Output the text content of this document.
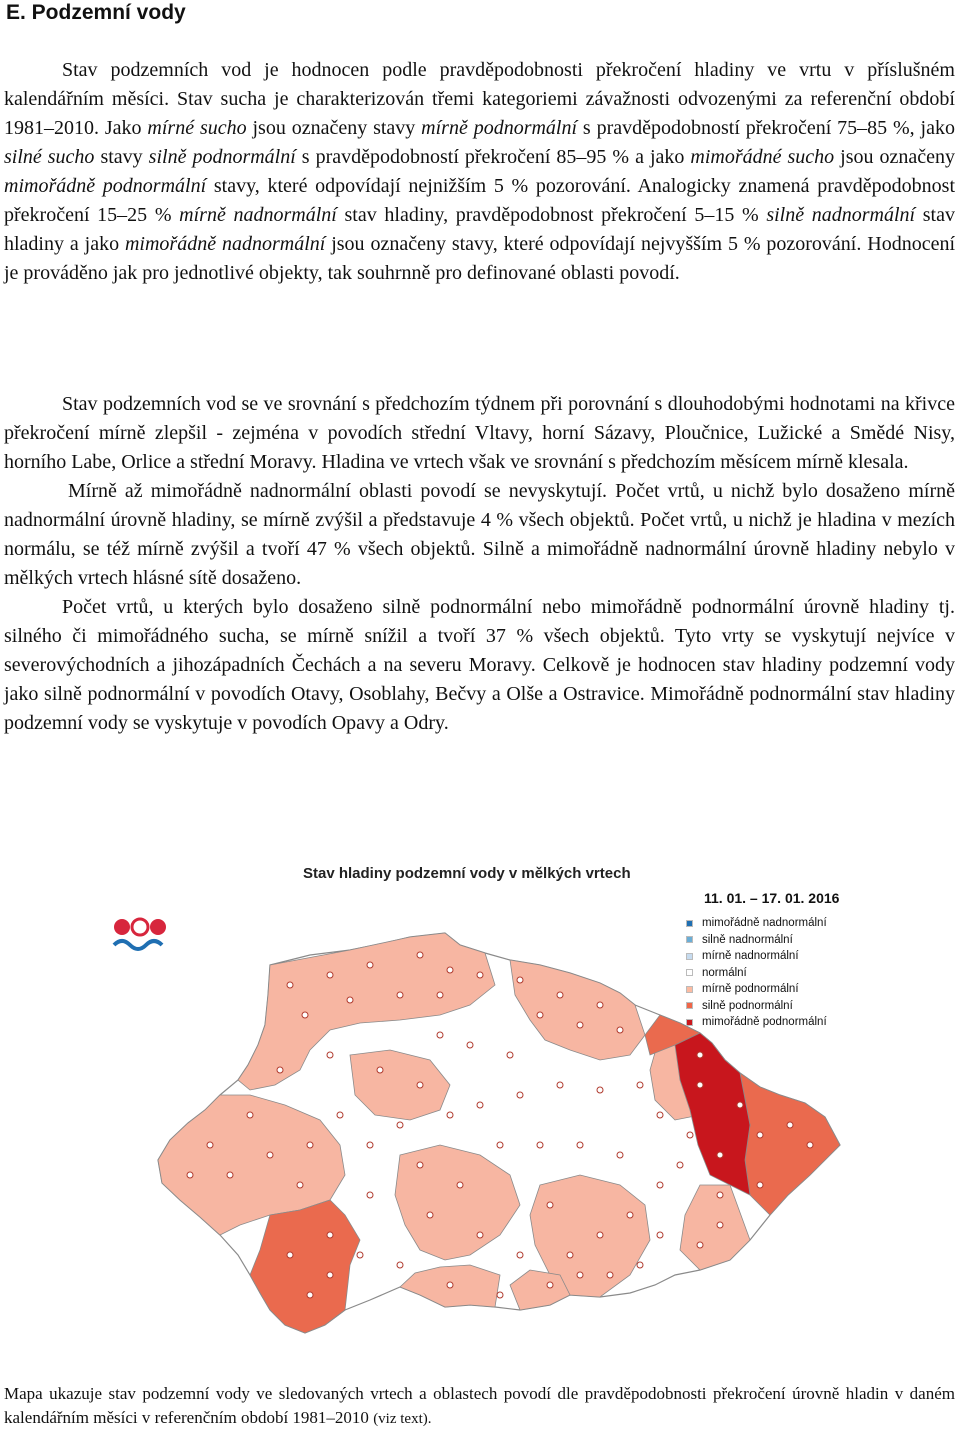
E. Podzemní vody

Stav podzemních vod je hodnocen podle pravděpodobnosti překročení hladiny ve vrtu v příslušném kalendářním měsíci. Stav sucha je charakterizován třemi kategoriemi závažnosti odvozenými za referenční období 1981–2010. Jako mírné sucho jsou označeny stavy mírně podnormální s pravděpodobností překročení 75–85 %, jako silné sucho stavy silně podnormální s pravděpodobností překročení 85–95 % a jako mimořádné sucho jsou označeny mimořádně podnormální stavy, které odpovídají nejnižším 5 % pozorování. Analogicky znamená pravděpodobnost překročení 15–25 % mírně nadnormální stav hladiny, pravděpodobnost překročení 5–15 % silně nadnormální stav hladiny a jako mimořádně nadnormální jsou označeny stavy, které odpovídají nejvyšším 5 % pozorování. Hodnocení je prováděno jak pro jednotlivé objekty, tak souhrnně pro definované oblasti povodí.

Stav podzemních vod se ve srovnání s předchozím týdnem při porovnání s dlouhodobými hodnotami na křivce překročení mírně zlepšil - zejména v povodích střední Vltavy, horní Sázavy, Ploučnice, Lužické a Smědé Nisy, horního Labe, Orlice a střední Moravy. Hladina ve vrtech však ve srovnání s předchozím měsícem mírně klesala.

Mírně až mimořádně nadnormální oblasti povodí se nevyskytují. Počet vrtů, u nichž bylo dosaženo mírně nadnormální úrovně hladiny, se mírně zvýšil a představuje 4 % všech objektů. Počet vrtů, u nichž je hladina v mezích normálu, se též mírně zvýšil a tvoří 47 % všech objektů. Silně a mimořádně nadnormální úrovně hladiny nebylo v mělkých vrtech hlásné sítě dosaženo.

Počet vrtů, u kterých bylo dosaženo silně podnormální nebo mimořádně podnormální úrovně hladiny tj. silného či mimořádného sucha, se mírně snížil a tvoří 37 % všech objektů. Tyto vrty se vyskytují nejvíce v severovýchodních a jihozápadních Čechách a na severu Moravy. Celkově je hodnocen stav hladiny podzemní vody jako silně podnormální v povodích Otavy, Osoblahy, Bečvy a Olše a Ostravice. Mimořádně podnormální stav hladiny podzemní vody se vyskytuje v povodích Opavy a Odry.

Stav hladiny podzemní vody v mělkých vrtech
11. 01. – 17. 01. 2016
mimořádně nadnormální
silně nadnormální
mírně nadnormální
normální
mírně podnormální
silně podnormální
mimořádně podnormální

Mapa ukazuje stav podzemní vody ve sledovaných vrtech a oblastech povodí dle pravděpodobnosti překročení úrovně hladin v daném kalendářním měsíci v referenčním období 1981–2010 (viz text).
